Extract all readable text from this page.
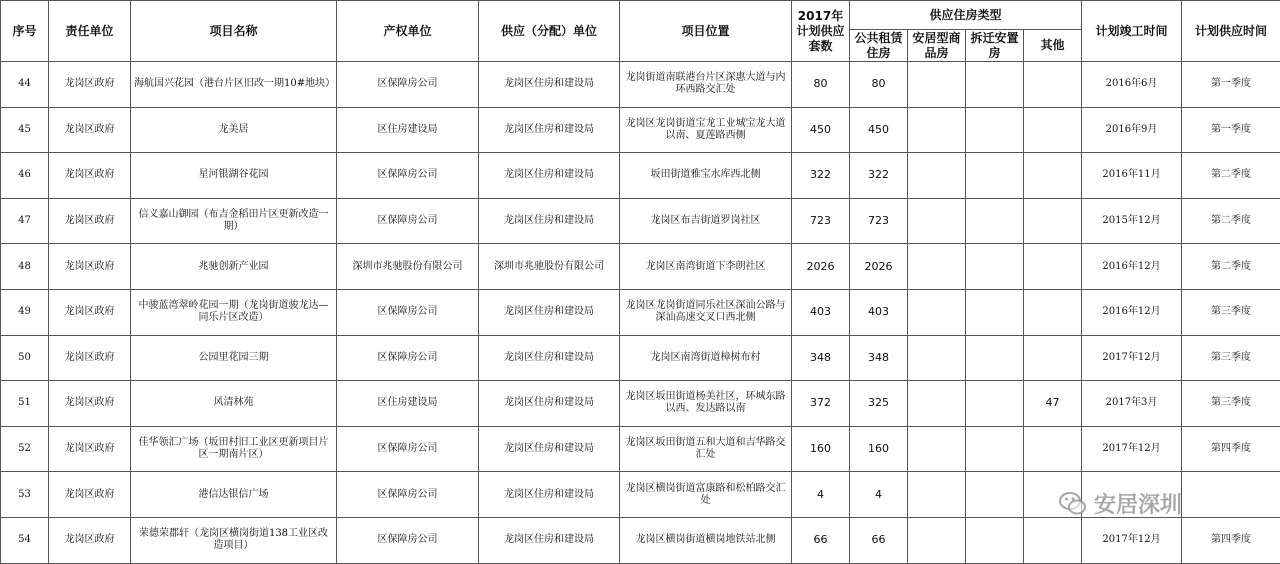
序号	责任单位	项目名称	产权单位	供应（分配）单位	项目位置	2017年计划供应套数	供应住房类型				计划竣工时间	计划供应时间
							公共租赁住房	安居型商品房	拆迁安置房	其他		
44	龙岗区政府	海航国兴花园（港台片区旧改一期10#地块）	区保障房公司	龙岗区住房和建设局	龙岗街道南联港台片区深惠大道与内环西路交汇处	80	80				2016年6月	第一季度
45	龙岗区政府	龙美居	区住房建设局	龙岗区住房和建设局	龙岗区龙岗街道宝龙工业城宝龙大道以南、夏莲路西侧	450	450				2016年9月	第一季度
46	龙岗区政府	星河银湖谷花园	区保障房公司	龙岗区住房和建设局	坂田街道雅宝水库西北侧	322	322				2016年11月	第二季度
47	龙岗区政府	信义嘉山御园（布吉金稻田片区更新改造一期）	区保障房公司	龙岗区住房和建设局	龙岗区布吉街道罗岗社区	723	723				2015年12月	第二季度
48	龙岗区政府	兆驰创新产业园	深圳市兆驰股份有限公司	深圳市兆驰股份有限公司	龙岗区南湾街道下李朗社区	2026	2026				2016年12月	第二季度
49	龙岗区政府	中骏蓝湾翠岭花园一期（龙岗街道骏龙达—同乐片区改造）	区保障房公司	龙岗区住房和建设局	龙岗区龙岗街道同乐社区深汕公路与深汕高速交叉口西北侧	403	403				2016年12月	第三季度
50	龙岗区政府	公园里花园三期	区保障房公司	龙岗区住房和建设局	龙岗区南湾街道樟树布村	348	348				2017年12月	第三季度
51	龙岗区政府	风清林苑	区住房建设局	龙岗区住房和建设局	龙岗区坂田街道杨美社区，环城东路以西、发达路以南	372	325			47	2017年3月	第三季度
52	龙岗区政府	佳华领汇广场（坂田村旧工业区更新项目片区一期南片区）	区保障房公司	龙岗区住房和建设局	龙岗区坂田街道五和大道和吉华路交汇处	160	160				2017年12月	第四季度
53	龙岗区政府	港信达银信广场	区保障房公司	龙岗区住房和建设局	龙岗区横岗街道富康路和松柏路交汇处	4	4					
54	龙岗区政府	荣德荣郡轩（龙岗区横岗街道138工业区改造项目）	区保障房公司	龙岗区住房和建设局	龙岗区横岗街道横岗地铁站北侧	66	66				2017年12月	第四季度
安居深圳
